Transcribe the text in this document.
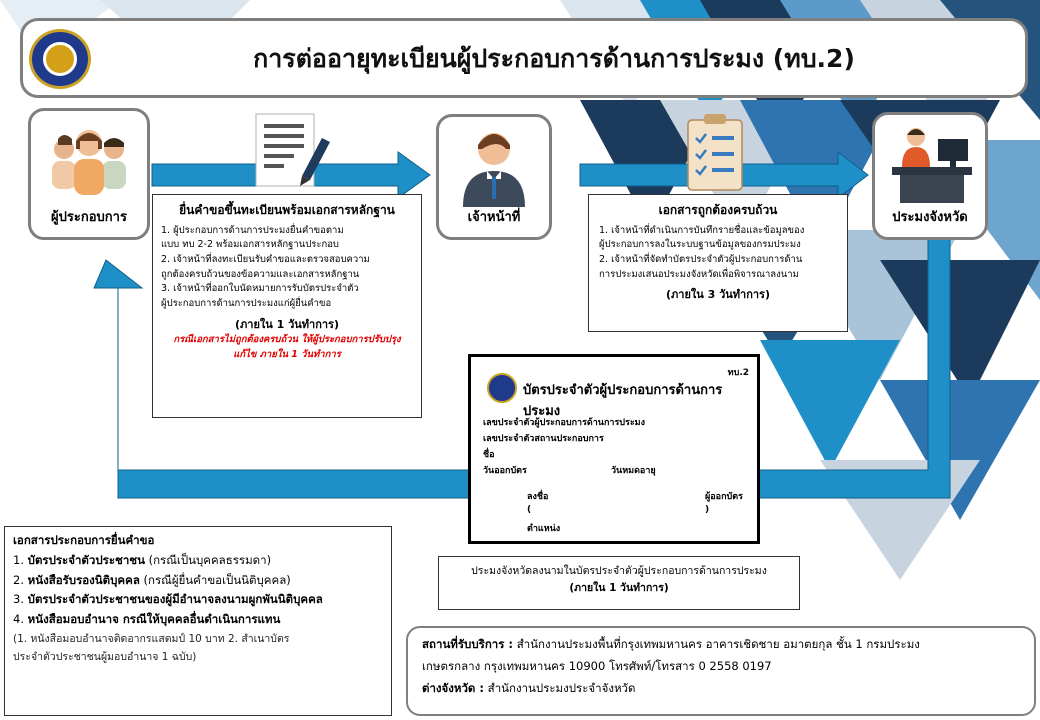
การต่ออายุทะเบียนผู้ประกอบการด้านการประมง (ทบ.2)
ผู้ประกอบการ	เจ้าหน้าที่	ประมงจังหวัด
ยื่นคำขอขึ้นทะเบียนพร้อมเอกสารหลักฐาน
1. ผู้ประกอบการด้านการประมงยื่นคำขอตาม
แบบ ทบ 2-2 พร้อมเอกสารหลักฐานประกอบ
2. เจ้าหน้าที่ลงทะเบียนรับคำขอและตรวจสอบความ
ถูกต้องครบถ้วนของข้อความและเอกสารหลักฐาน
3. เจ้าหน้าที่ออกใบนัดหมายการรับบัตรประจำตัว
ผู้ประกอบการด้านการประมงแก่ผู้ยื่นคำขอ
(ภายใน 1 วันทำการ)
กรณีเอกสารไม่ถูกต้องครบถ้วน ให้ผู้ประกอบการปรับปรุง
แก้ไข ภายใน 1 วันทำการ
เอกสารถูกต้องครบถ้วน
1. เจ้าหน้าที่ดำเนินการบันทึกรายชื่อและข้อมูลของ
ผู้ประกอบการลงในระบบฐานข้อมูลของกรมประมง
2. เจ้าหน้าที่จัดทำบัตรประจำตัวผู้ประกอบการด้าน
การประมงเสนอประมงจังหวัดเพื่อพิจารณาลงนาม
(ภายใน 3 วันทำการ)
ทบ.2
บัตรประจำตัวผู้ประกอบการด้านการประมง
เลขประจำตัวผู้ประกอบการด้านการประมง
เลขประจำตัวสถานประกอบการ
ชื่อ
วันออกบัตร	วันหมดอายุ
ลงชื่อ
(
ตำแหน่ง
ผู้ออกบัตร
)
ประมงจังหวัดลงนามในบัตรประจำตัวผู้ประกอบการด้านการประมง
(ภายใน 1 วันทำการ)
เอกสารประกอบการยื่นคำขอ
1. บัตรประจำตัวประชาชน (กรณีเป็นบุคคลธรรมดา)
2. หนังสือรับรองนิติบุคคล (กรณีผู้ยื่นคำขอเป็นนิติบุคคล)
3. บัตรประจำตัวประชาชนของผู้มีอำนาจลงนามผูกพันนิติบุคคล
4. หนังสือมอบอำนาจ กรณีให้บุคคลอื่นดำเนินการแทน
(1. หนังสือมอบอำนาจติดอากรแสตมป์ 10 บาท 2. สำเนาบัตร
ประจำตัวประชาชนผู้มอบอำนาจ 1 ฉบับ)
สถานที่รับบริการ : สำนักงานประมงพื้นที่กรุงเทพมหานคร อาคารเชิดชาย อมาตยกุล ชั้น 1 กรมประมง
เกษตรกลาง กรุงเทพมหานคร 10900 โทรศัพท์/โทรสาร 0 2558 0197
ต่างจังหวัด : สำนักงานประมงประจำจังหวัด
